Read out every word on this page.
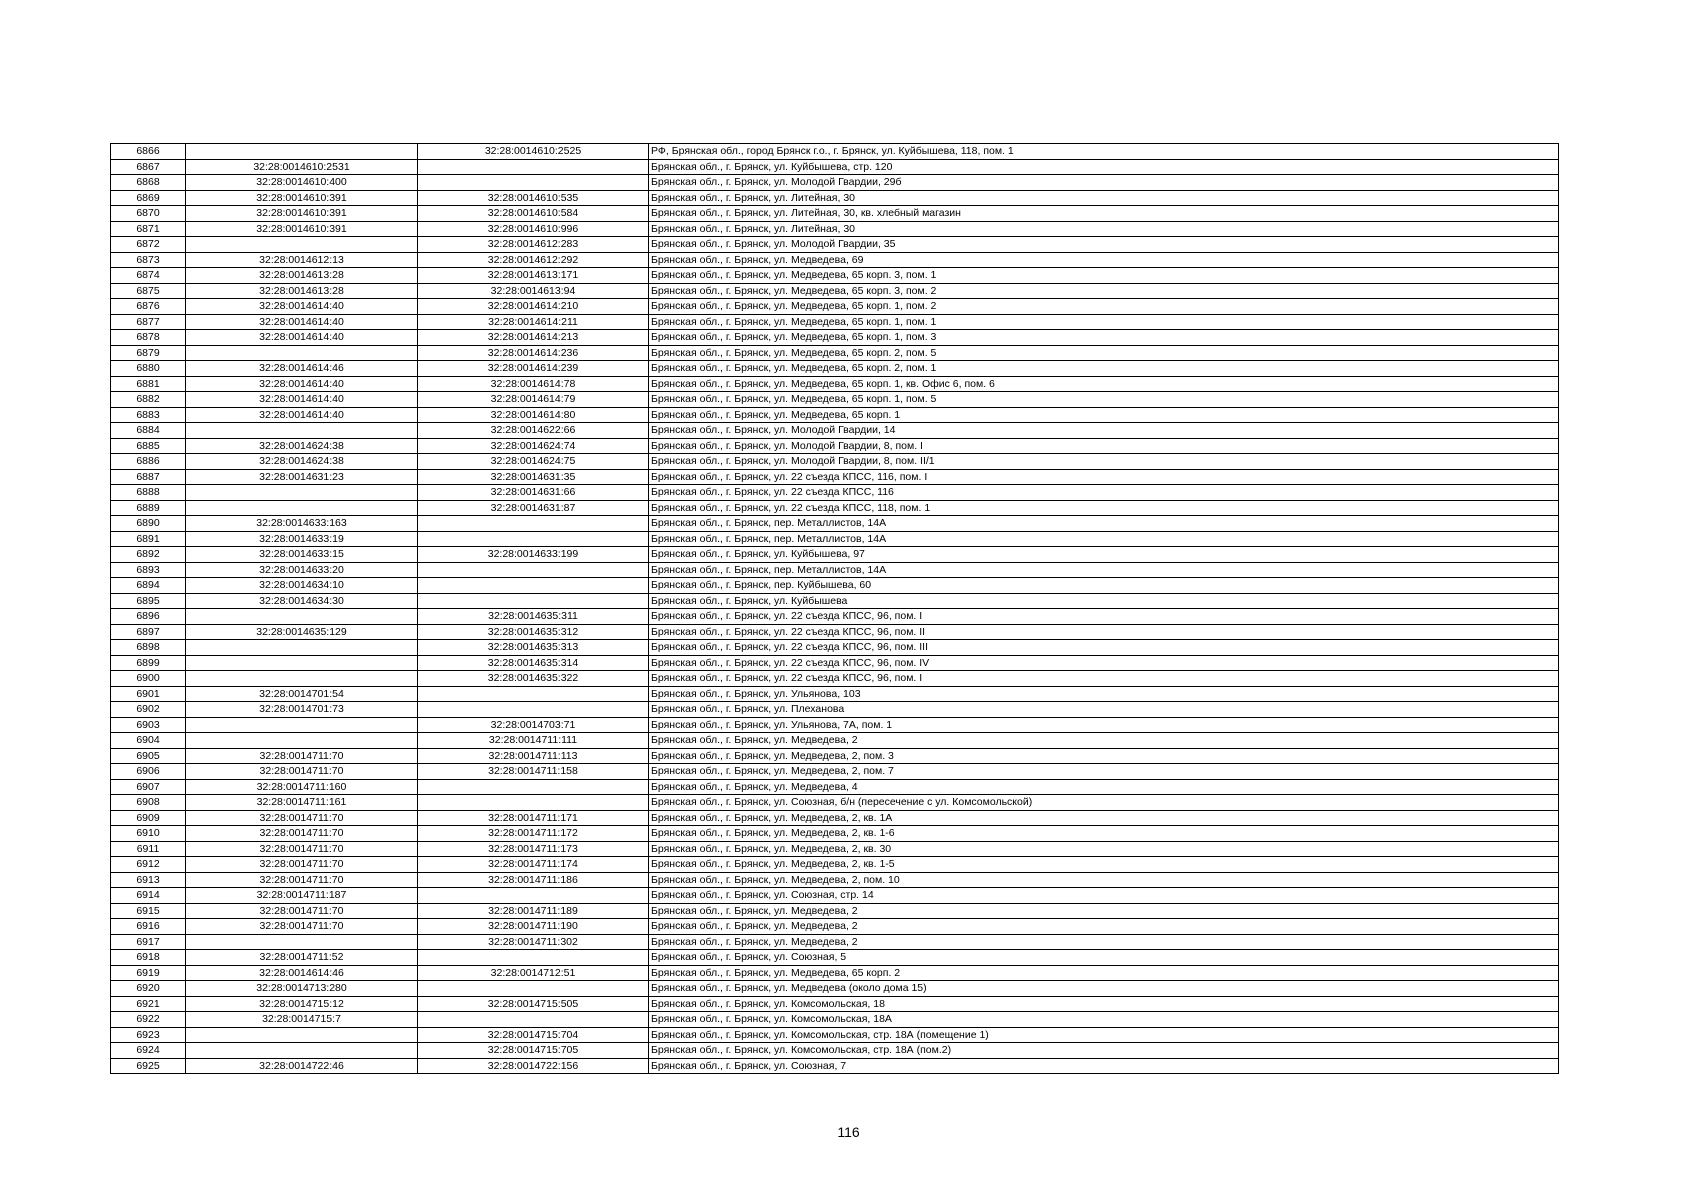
6866		32:28:0014610:2525	РФ, Брянская обл., город Брянск г.о., г. Брянск, ул. Куйбышева, 118, пом. 1
6867	32:28:0014610:2531		Брянская обл., г. Брянск, ул. Куйбышева, стр. 120
6868	32:28:0014610:400		Брянская обл., г. Брянск, ул. Молодой Гвардии, 29б
6869	32:28:0014610:391	32:28:0014610:535	Брянская обл., г. Брянск, ул. Литейная, 30
6870	32:28:0014610:391	32:28:0014610:584	Брянская обл., г. Брянск, ул. Литейная, 30, кв. хлебный магазин
6871	32:28:0014610:391	32:28:0014610:996	Брянская обл., г. Брянск, ул. Литейная, 30
6872		32:28:0014612:283	Брянская обл., г. Брянск, ул. Молодой Гвардии, 35
6873	32:28:0014612:13	32:28:0014612:292	Брянская обл., г. Брянск, ул. Медведева, 69
6874	32:28:0014613:28	32:28:0014613:171	Брянская обл., г. Брянск, ул. Медведева, 65 корп. 3, пом. 1
6875	32:28:0014613:28	32:28:0014613:94	Брянская обл., г. Брянск, ул. Медведева, 65 корп. 3, пом. 2
6876	32:28:0014614:40	32:28:0014614:210	Брянская обл., г. Брянск, ул. Медведева, 65 корп. 1, пом. 2
6877	32:28:0014614:40	32:28:0014614:211	Брянская обл., г. Брянск, ул. Медведева, 65 корп. 1, пом. 1
6878	32:28:0014614:40	32:28:0014614:213	Брянская обл., г. Брянск, ул. Медведева, 65 корп. 1, пом. 3
6879		32:28:0014614:236	Брянская обл., г. Брянск, ул. Медведева, 65 корп. 2, пом. 5
6880	32:28:0014614:46	32:28:0014614:239	Брянская обл., г. Брянск, ул. Медведева, 65 корп. 2, пом. 1
6881	32:28:0014614:40	32:28:0014614:78	Брянская обл., г. Брянск, ул. Медведева, 65 корп. 1, кв. Офис 6, пом. 6
6882	32:28:0014614:40	32:28:0014614:79	Брянская обл., г. Брянск, ул. Медведева, 65 корп. 1, пом. 5
6883	32:28:0014614:40	32:28:0014614:80	Брянская обл., г. Брянск, ул. Медведева, 65 корп. 1
6884		32:28:0014622:66	Брянская обл., г. Брянск, ул. Молодой Гвардии, 14
6885	32:28:0014624:38	32:28:0014624:74	Брянская обл., г. Брянск, ул. Молодой Гвардии, 8, пом. I
6886	32:28:0014624:38	32:28:0014624:75	Брянская обл., г. Брянск, ул. Молодой Гвардии, 8, пом. II/1
6887	32:28:0014631:23	32:28:0014631:35	Брянская обл., г. Брянск, ул. 22 съезда КПСС, 116, пом. I
6888		32:28:0014631:66	Брянская обл., г. Брянск, ул. 22 съезда КПСС, 116
6889		32:28:0014631:87	Брянская обл., г. Брянск, ул. 22 съезда КПСС, 118, пом. 1
6890	32:28:0014633:163		Брянская обл., г. Брянск, пер. Металлистов, 14А
6891	32:28:0014633:19		Брянская обл., г. Брянск, пер. Металлистов, 14А
6892	32:28:0014633:15	32:28:0014633:199	Брянская обл., г. Брянск, ул. Куйбышева, 97
6893	32:28:0014633:20		Брянская обл., г. Брянск, пер. Металлистов, 14А
6894	32:28:0014634:10		Брянская обл., г. Брянск, пер. Куйбышева, 60
6895	32:28:0014634:30		Брянская обл., г. Брянск, ул. Куйбышева
6896		32:28:0014635:311	Брянская обл., г. Брянск, ул. 22 съезда КПСС, 96, пом. I
6897	32:28:0014635:129	32:28:0014635:312	Брянская обл., г. Брянск, ул. 22 съезда КПСС, 96, пом. II
6898		32:28:0014635:313	Брянская обл., г. Брянск, ул. 22 съезда КПСС, 96, пом. III
6899		32:28:0014635:314	Брянская обл., г. Брянск, ул. 22 съезда КПСС, 96, пом. IV
6900		32:28:0014635:322	Брянская обл., г. Брянск, ул. 22 съезда КПСС, 96, пом. I
6901	32:28:0014701:54		Брянская обл., г. Брянск, ул. Ульянова, 103
6902	32:28:0014701:73		Брянская обл., г. Брянск, ул. Плеханова
6903		32:28:0014703:71	Брянская обл., г. Брянск, ул. Ульянова, 7А, пом. 1
6904		32:28:0014711:111	Брянская обл., г. Брянск, ул. Медведева, 2
6905	32:28:0014711:70	32:28:0014711:113	Брянская обл., г. Брянск, ул. Медведева, 2, пом. 3
6906	32:28:0014711:70	32:28:0014711:158	Брянская обл., г. Брянск, ул. Медведева, 2, пом. 7
6907	32:28:0014711:160		Брянская обл., г. Брянск, ул. Медведева, 4
6908	32:28:0014711:161		Брянская обл., г. Брянск, ул. Союзная, б/н (пересечение с ул. Комсомольской)
6909	32:28:0014711:70	32:28:0014711:171	Брянская обл., г. Брянск, ул. Медведева, 2, кв. 1А
6910	32:28:0014711:70	32:28:0014711:172	Брянская обл., г. Брянск, ул. Медведева, 2, кв. 1-6
6911	32:28:0014711:70	32:28:0014711:173	Брянская обл., г. Брянск, ул. Медведева, 2, кв. 30
6912	32:28:0014711:70	32:28:0014711:174	Брянская обл., г. Брянск, ул. Медведева, 2, кв. 1-5
6913	32:28:0014711:70	32:28:0014711:186	Брянская обл., г. Брянск, ул. Медведева, 2, пом. 10
6914	32:28:0014711:187		Брянская обл., г. Брянск, ул. Союзная, стр. 14
6915	32:28:0014711:70	32:28:0014711:189	Брянская обл., г. Брянск, ул. Медведева, 2
6916	32:28:0014711:70	32:28:0014711:190	Брянская обл., г. Брянск, ул. Медведева, 2
6917		32:28:0014711:302	Брянская обл., г. Брянск, ул. Медведева, 2
6918	32:28:0014711:52		Брянская обл., г. Брянск, ул. Союзная, 5
6919	32:28:0014614:46	32:28:0014712:51	Брянская обл., г. Брянск, ул. Медведева, 65 корп. 2
6920	32:28:0014713:280		Брянская обл., г. Брянск, ул. Медведева (около дома 15)
6921	32:28:0014715:12	32:28:0014715:505	Брянская обл., г. Брянск, ул. Комсомольская, 18
6922	32:28:0014715:7		Брянская обл., г. Брянск, ул. Комсомольская, 18А
6923		32:28:0014715:704	Брянская обл., г. Брянск, ул. Комсомольская, стр. 18А (помещение 1)
6924		32:28:0014715:705	Брянская обл., г. Брянск, ул. Комсомольская, стр. 18А (пом.2)
6925	32:28:0014722:46	32:28:0014722:156	Брянская обл., г. Брянск, ул. Союзная, 7
116
